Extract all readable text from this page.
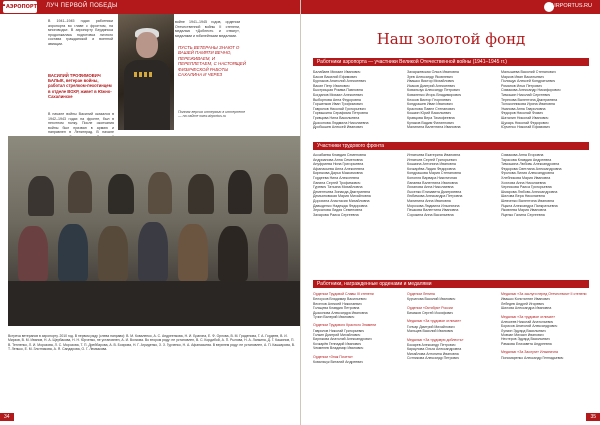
АЭРОПОРТ ЛУЧ ПЕРВОЙ ПОБЕДЫ
В 1941–1945 годах работники аэропорта во главе с фронтом, на многоводье. В аэропорту Бердянска продолжалась подготовка личного состава гражданской и военной авиации.
ВАСИЛИЙ ТРОФИМОВИЧ БАЛЫК, ветеран войны, работал стрелком-пехотинцем в отделе ВОХР, живет в Южно-Сахалинске
В начале войны Василий оказался в 1942–1943 годах на фронте, был в пехотном полку. После окончания войны был призван в армию и направлен в Ленинград. В начале
войне 1941–1945 годов, орденом Отечественной войны II степени, медалью «Доблесть и отвагу», медалями и юбилейными медалями.
ПУСТЬ ВЕТЕРАНЫ ЗНАЮТ О ВАШЕЙ ПАМЯТИ ВЕЧНО, ПЕРЕЖИВАЕМ, И ПЕРЕПЛЕТАЕМ, С НАСТОЯЩЕЙ ФИЗИЧЕСКОЙ РАБОТЫ САХАЛИНА И ЧЕРЕЗ
Полная версия интервью в интернете — на сайте www.airportus.ru
Встреча ветеранов в аэропорту. 2010 год. В первом ряду (слева направо): В. М. Коваленко, А. С. Андреенкова, Н. И. Брагина, Е. Ф. Орлова, В. М. Граденова, Г. А. Гордеев, В. И. Мирзов, В. М. Иванов, Н. А. Щербакова, Н. Н. Юрченко, не установлен, А. И. Волкова. Во втором ряду: не установлен, В. С. Кордибой, А. П. Рылова, Н. А. Лапкина, Д. Г. Кашинов, П. В. Тепленко, Л. И. Морозова, Л. С. Морозова, Т. П. Дрейбарова, А. В. Боярова, Н. Г. Агриденко, З. З. Гурченко, Н. А. Афанасьева. В верхнем ряду: не установлен, А. П. Кашкарова, В. Т. Ленько, Е. М. Злотникова, А. Я. Сандарова, О. Г. Лемзакова.
34
AIRPORTUS.RU
Наш золотой фонд
Работники аэропорта — участники Великой Отечественной войны (1941–1945 гг.)
Балабаев Михаил Иванович
Басов Василий Ефимович
Бурлаков Анатолий Алексеевич
Васин Петр Иванович
Быстрицкая Римма Павловна
Богданов Михаил Алексеевич
Выборнова Анна Федоровна
Горшенков Иван Трофимович
Гаврилов Николай Григорьевич
Горюшкина Серафима Петровна
Гривцова Нина Васильевна
Дьяконова Людмила Николаевна
Дробышев Алексей Иванович
Захаржевская Ольга Ивановна
Зуев Александр Яковлевич
Ивашко Виктор Михайлович
Исаков Дмитрий Алексеевич
Ковальчук Александр Петрович
Коваленко Игорь Владимирович
Клоков Виктор Георгиевич
Кондрашев Иван Иванович
Краснова Павел Степанович
Кошкин Юрий Васильевич
Кравцова Вера Тимофеевна
Кулаков Вадим Филиппович
Малинина Валентина Ивановна
Малышева Василий Степанович
Марков Иван Васильевич
Полищук Алексей Кондратьевич
Романов Илья Петрович
Симакова Александр Никифорович
Тимошин Николай Сергеевич
Терехова Валентина Дмитриевна
Толоконникова Ирина Ивановна
Уманова Анна Гавриловна
Федоров Николай Фомич
Шаталин Николай Иванович
Щукарь Николай Федорович
Юрченко Николай Ефимович
Участники трудового фронта
Ассабаева Клавдия Семеновна
Андрианова Анна Семеновна
Ануфриева Нина Григорьевна
Афанасьева Анна Алексеевна
Бирюкова Дарья Максимовна
Гордеева Нина Алексеевна
Лапина Сергей Трофимович
Гуревич Татьяна Михайловна
Дементьева Зинаида Дмитриевна
Демьяновская Мария Михайловна
Дорохина Анастасия Михайловна
Давыденко Надежда Федоровна
Зеркалова Лидия Семеновна
Захарова Раиса Сергеевна
Игнатьева Екатерина Ивановна
Игнатьев Сергей Григорьевич
Кошкина Антонина Ивановна
Кочкарёва Лидия Федоровна
Кондрашова Мария Степановна
Конопля Варвара Никитичная
Лапаева Валентина Ивановна
Лиханова Анна Николаевна
Лысенко Елизавета Дмитриевна
Любимова Александра Петровна
Малинина Анна Ивановна
Морозова Людмила Ильинична
Пешкова Валентина Ивановна
Сорокина Анна Васильевна
Симакова Анна Егоровна
Тарасова Клавдия Андреевна
Тимошина Любовь Александровна
Федорова Светлана Александровна
Фролова Лилия Александровна
Хлебникова Мария Ивановна
Хохлова Анна Николаевна
Черникова Раиса Григорьевна
Шмарова Любовь Александровна
Шилова Вера Николаевна
Шевченко Валентина Ивановна
Яцына Александра Панкратьевна
Яковлева Мария Ивановна
Яценко Галина Сергеевна
Работники, награжденные орденами и медалями
Орденом Трудовой Славы III степени
Белоусов Владимир Васильевич
Веселов Алексей Николаевич
Гольцева Клавдия Петровна
Дьяконова Александра Ивановна
Тучин Валерий Иванович
Орденом Трудового Красного Знамени
Гаврилов Николай Григорьевич
Голкин Дмитрий Михайлович
Бирюкова Анатолий Александрович
Кочкарёв Геннадий Иванович
Чекменев Владимир Иванович
Орденом «Знак Почета»
Ковальчук Виталий Андреевич
Орденом Ленина
Курчатова Василий Иванович
Орденом «Октября» России
Бимаков Сергей Иосифович
Медалью «За трудовое отличие»
Гончар Дмитрий Михайлович
Мальцев Василий Иванович
Медалью «За трудовую доблесть»
Бокарев Александр Петрович
Караулова Ольга Александровна
Михайлова Антонина Ивановна
Сотникова Александр Петрович
Медалью «За заслуги перед Отечеством» II степени
Ивашко Константин Иванович
Лебедев Андрей Игоревич
Шилова Александра Ивановна
Медалью «За трудовое отличие»
Алексеев Николай Анатольевич
Борисов Анатолий Александрович
Лункин Эдуард Васильевич
Мовчан Михаил Иванович
Нестеров Эдуард Васильевич
Рамкова Елизавета Андреевна
Медалью «За Заслуги» Ильинична
Пономаренко Александр Геннадьевич
35
